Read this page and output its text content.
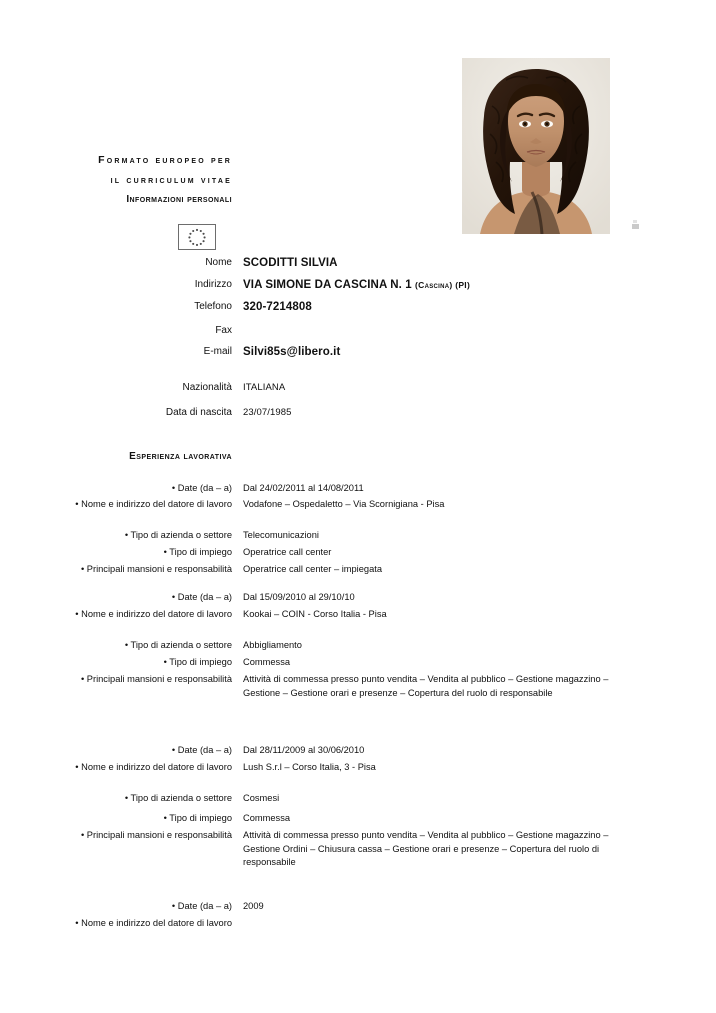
Formato europeo per
il curriculum vitae
Informazioni personali
Nome SCODITTI SILVIA
Indirizzo VIA SIMONE DA CASCINA N. 1 (Cascina) (PI)
Telefono 320-7214808
Fax
E-mail Silvi85s@libero.it
Nazionalità ITALIANA
Data di nascita 23/07/1985
Esperienza lavorativa
• Date (da – a) Dal 24/02/2011 al 14/08/2011
• Nome e indirizzo del datore di lavoro Vodafone – Ospedaletto – Via Scornigiana - Pisa
• Tipo di azienda o settore Telecomunicazioni
• Tipo di impiego Operatrice call center
• Principali mansioni e responsabilità Operatrice call center – impiegata
• Date (da – a) Dal 15/09/2010 al 29/10/10
• Nome e indirizzo del datore di lavoro Kookai – COIN - Corso Italia - Pisa
• Tipo di azienda o settore Abbigliamento
• Tipo di impiego Commessa
• Principali mansioni e responsabilità Attività di commessa presso punto vendita – Vendita al pubblico – Gestione magazzino – Gestione – Gestione orari e presenze – Copertura del ruolo di responsabile
• Date (da – a) Dal 28/11/2009 al 30/06/2010
• Nome e indirizzo del datore di lavoro Lush S.r.l – Corso Italia, 3 - Pisa
• Tipo di azienda o settore Cosmesi
• Tipo di impiego Commessa
• Principali mansioni e responsabilità Attività di commessa presso punto vendita – Vendita al pubblico – Gestione magazzino – Gestione Ordini – Chiusura cassa – Gestione orari e presenze – Copertura del ruolo di responsabile
• Date (da – a) 2009
• Nome e indirizzo del datore di lavoro
